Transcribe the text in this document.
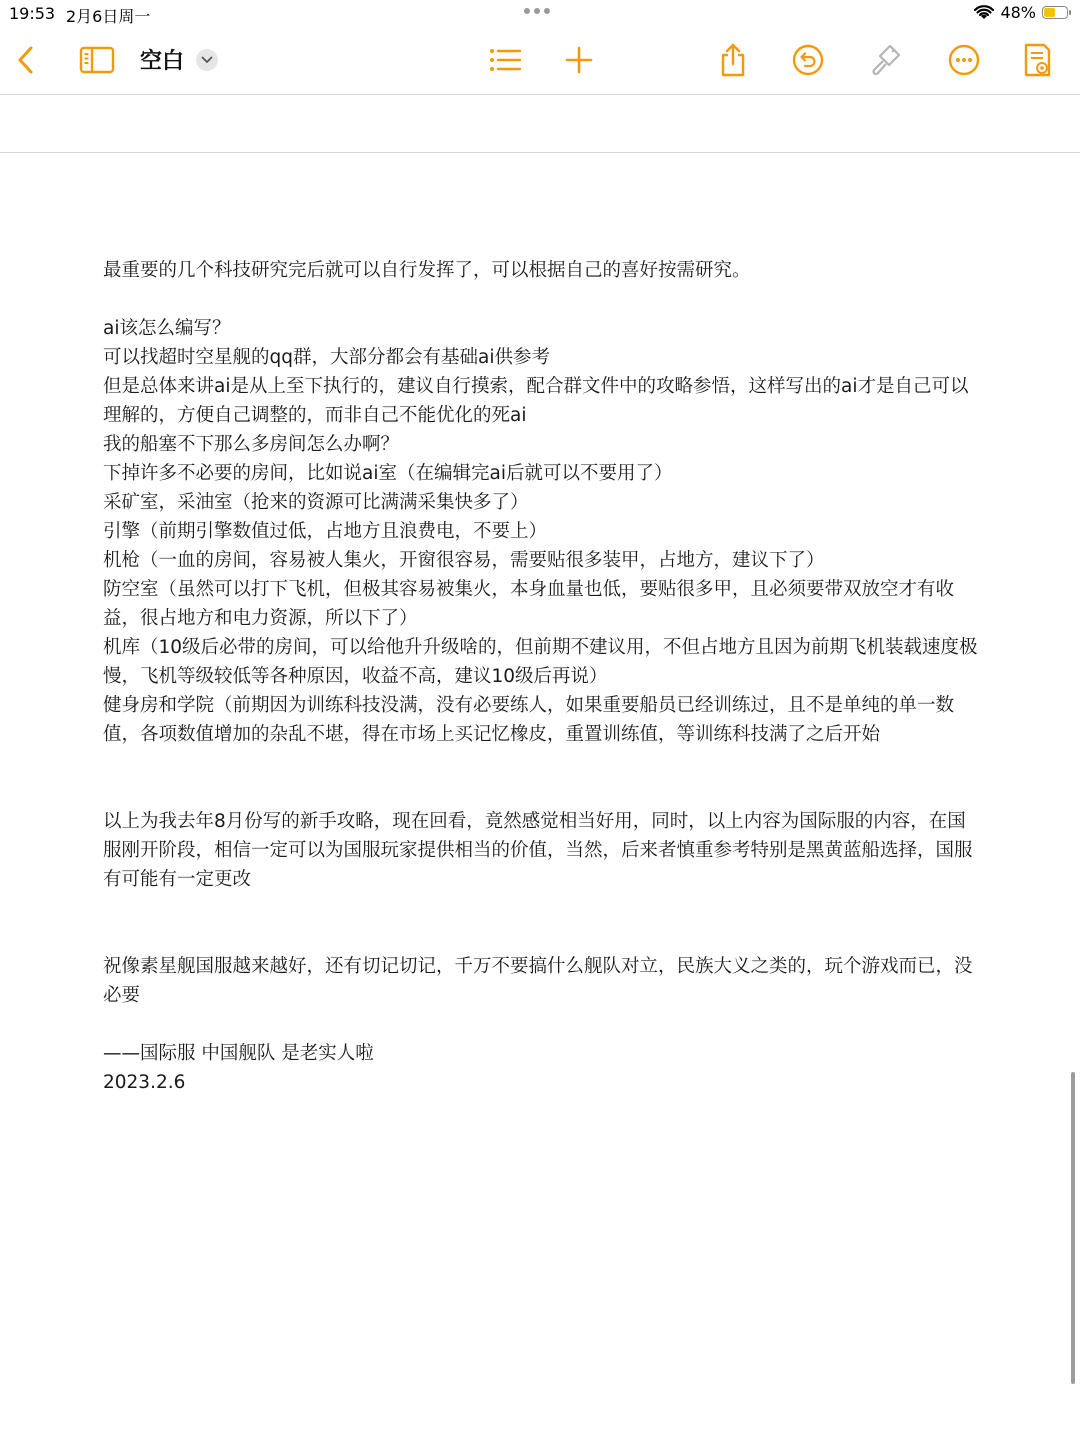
19:53 2月6日周一	48%
空白

最重要的几个科技研究完后就可以自行发挥了，可以根据自己的喜好按需研究。

ai该怎么编写？

可以找超时空星舰的qq群，大部分都会有基础ai供参考

但是总体来讲ai是从上至下执行的，建议自行摸索，配合群文件中的攻略参悟，这样写出的ai才是自己可以理解的，方便自己调整的，而非自己不能优化的死ai

我的船塞不下那么多房间怎么办啊？

下掉许多不必要的房间，比如说ai室（在编辑完ai后就可以不要用了）

采矿室，采油室（抢来的资源可比满满采集快多了）

引擎（前期引擎数值过低，占地方且浪费电，不要上）

机枪（一血的房间，容易被人集火，开窗很容易，需要贴很多装甲，占地方，建议下了）

防空室（虽然可以打下飞机，但极其容易被集火，本身血量也低，要贴很多甲，且必须要带双放空才有收益，很占地方和电力资源，所以下了）

机库（10级后必带的房间，可以给他升升级啥的，但前期不建议用，不但占地方且因为前期飞机装载速度极慢，飞机等级较低等各种原因，收益不高，建议10级后再说）

健身房和学院（前期因为训练科技没满，没有必要练人，如果重要船员已经训练过，且不是单纯的单一数值，各项数值增加的杂乱不堪，得在市场上买记忆橡皮，重置训练值，等训练科技满了之后开始

以上为我去年8月份写的新手攻略，现在回看，竟然感觉相当好用，同时，以上内容为国际服的内容，在国服刚开阶段，相信一定可以为国服玩家提供相当的价值，当然，后来者慎重参考特别是黑黄蓝船选择，国服有可能有一定更改

祝像素星舰国服越来越好，还有切记切记，千万不要搞什么舰队对立，民族大义之类的，玩个游戏而已，没必要

——国际服 中国舰队 是老实人啦

2023.2.6
